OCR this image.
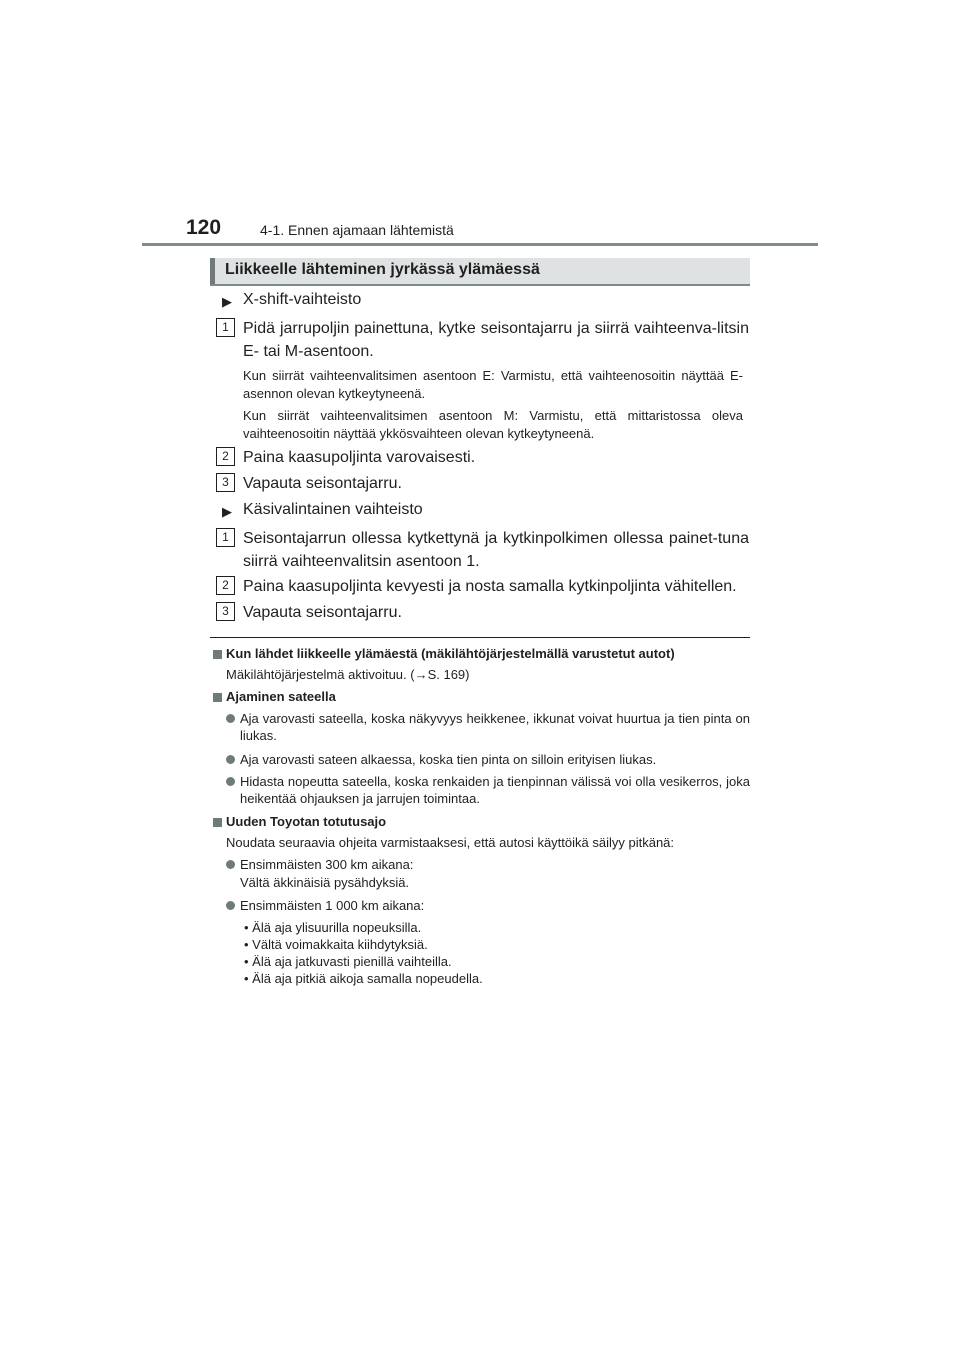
120	4-1. Ennen ajamaan lähtemistä
Liikkeelle lähteminen jyrkässä ylämäessä
▶ X-shift-vaihteisto
1 Pidä jarrupoljin painettuna, kytke seisontajarru ja siirrä vaihteenva-litsin E- tai M-asentoon.
Kun siirrät vaihteenvalitsimen asentoon E: Varmistu, että vaihteenosoitin näyttää E-asennon olevan kytkeytyneenä.
Kun siirrät vaihteenvalitsimen asentoon M: Varmistu, että mittaristossa oleva vaihteenosoitin näyttää ykkösvaihteen olevan kytkeytyneenä.
2 Paina kaasupoljinta varovaisesti.
3 Vapauta seisontajarru.
▶ Käsivalintainen vaihteisto
1 Seisontajarrun ollessa kytkettynä ja kytkinpolkimen ollessa painet-tuna siirrä vaihteenvalitsin asentoon 1.
2 Paina kaasupoljinta kevyesti ja nosta samalla kytkinpoljinta vähitellen.
3 Vapauta seisontajarru.
Kun lähdet liikkeelle ylämäestä (mäkilähtöjärjestelmällä varustetut autot)
Mäkilähtöjärjestelmä aktivoituu. (→S. 169)
Ajaminen sateella
Aja varovasti sateella, koska näkyvyys heikkenee, ikkunat voivat huurtua ja tien pinta on liukas.
Aja varovasti sateen alkaessa, koska tien pinta on silloin erityisen liukas.
Hidasta nopeutta sateella, koska renkaiden ja tienpinnan välissä voi olla vesikerros, joka heikentää ohjauksen ja jarrujen toimintaa.
Uuden Toyotan totutusajo
Noudata seuraavia ohjeita varmistaaksesi, että autosi käyttöikä säilyy pitkänä:
Ensimmäisten 300 km aikana:
Vältä äkkinäisiä pysähdyksiä.
Ensimmäisten 1 000 km aikana:
• Älä aja ylisuurilla nopeuksilla.
• Vältä voimakkaita kiihdytyksiä.
• Älä aja jatkuvasti pienillä vaihteilla.
• Älä aja pitkiä aikoja samalla nopeudella.
